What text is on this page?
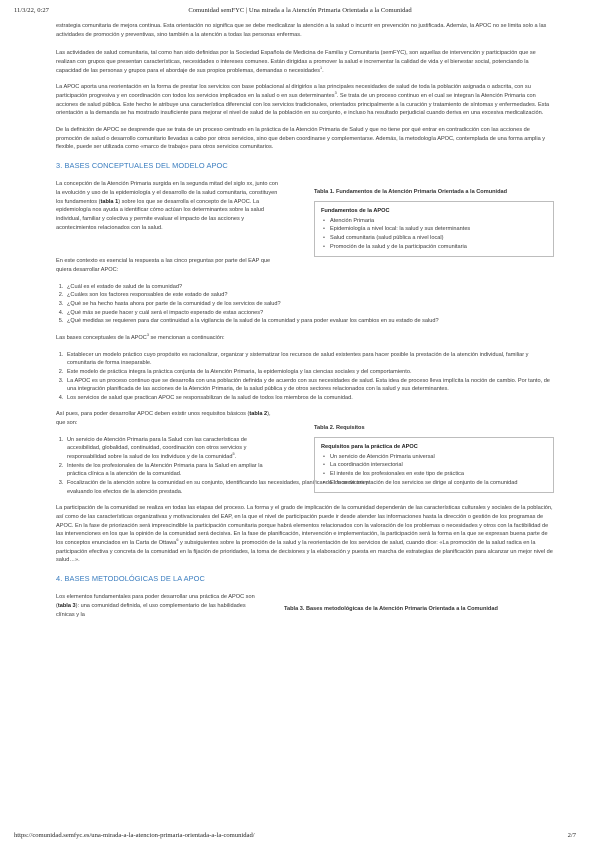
11/3/22, 0:27	Comunidad semFYC | Una mirada a la Atención Primaria Orientada a la Comunidad

estrategia comunitaria de mejora continua. Esta orientación no significa que se debe medicalizar la atención a la salud o incurrir en prevención no justificada. Además, la APOC no se limita solo a las actividades de promoción y preventivas, sino también a la atención a todas las personas enfermas.

Las actividades de salud comunitaria, tal como han sido definidas por la Sociedad Española de Medicina de Familia y Comunitaria (semFYC), son aquellas de intervención y participación que se realizan con grupos que presentan características, necesidades o intereses comunes. Están dirigidas a promover la salud e incrementar la calidad de vida y el bienestar social, potenciando la capacidad de las personas y grupos para el abordaje de sus propios problemas, demandas o necesidades$^1$.

La APOC aporta una reorientación en la forma de prestar los servicios con base poblacional al dirigirlos a las principales necesidades de salud de toda la población asignada o adscrita, con su participación progresiva y en coordinación con todos los servicios implicados en la salud o en sus determinantes$^3$. Se trata de un proceso continuo en el cual se integran la Atención Primaria con acciones de salud pública. Este hecho le atribuye una característica diferencial con los servicios tradicionales, orientados principalmente a la curación y tratamiento de síntomas y enfermedades. Esta orientación a la demanda se ha mostrado insuficiente para mejorar el nivel de salud de la población en su conjunto, e incluso ha resultado perjudicial cuando deriva en una excesiva medicalización.

De la definición de APOC se desprende que se trata de un proceso centrado en la práctica de la Atención Primaria de Salud y que no tiene por qué entrar en contradicción con las acciones de promoción de salud o desarrollo comunitario llevadas a cabo por otros servicios, sino que deben coordinarse y complementarse. Además, la metodología APOC, contemplada de una forma amplia y flexible, puede ser utilizada como «marco de trabajo» para otros servicios comunitarios.

3. BASES CONCEPTUALES DEL MODELO APOC

La concepción de la Atención Primaria surgida en la segunda mitad del siglo xx, junto con la evolución y uso de la epidemiología y el desarrollo de la salud comunitaria, constituyen los fundamentos (tabla 1) sobre los que se desarrolla el concepto de la APOC. La epidemiología nos ayuda a identificar cómo actúan los determinantes sobre la salud individual, familiar y colectiva y permite evaluar el impacto de las acciones y acontecimientos relacionados con la salud.

Tabla 1. Fundamentos de la Atención Primaria Orientada a la Comunidad
Fundamentos de la APOC
• Atención Primaria
• Epidemiología a nivel local: la salud y sus determinantes
• Salud comunitaria (salud pública a nivel local)
• Promoción de la salud y de la participación comunitaria

En este contexto es esencial la respuesta a las cinco preguntas por parte del EAP que quiera desarrollar APOC:

1. ¿Cuál es el estado de salud de la comunidad?
2. ¿Cuáles son los factores responsables de este estado de salud?
3. ¿Qué se ha hecho hasta ahora por parte de la comunidad y de los servicios de salud?
4. ¿Qué más se puede hacer y cuál será el impacto esperado de estas acciones?
5. ¿Qué medidas se requieren para dar continuidad a la vigilancia de la salud de la comunidad y para poder evaluar los cambios en su estado de salud?

Las bases conceptuales de la APOC$^3$ se mencionan a continuación:

1. Establecer un modelo práctico cuyo propósito es racionalizar, organizar y sistematizar los recursos de salud existentes para hacer posible la prestación de la atención individual, familiar y comunitaria de forma inseparable.
2. Este modelo de práctica integra la práctica conjunta de la Atención Primaria, la epidemiología y las ciencias sociales y del comportamiento.
3. La APOC es un proceso continuo que se desarrolla con una población definida y de acuerdo con sus necesidades de salud. Esta idea de proceso lleva implícita la noción de cambio. Por tanto, de una integración planificada de las acciones de la Atención Primaria, de la salud pública y de otros sectores relacionados con la salud y sus determinantes.
4. Los servicios de salud que practican APOC se responsabilizan de la salud de todos los miembros de la comunidad.

Así pues, para poder desarrollar APOC deben existir unos requisitos básicos (tabla 2), que son:

1. Un servicio de Atención Primaria para la Salud con las características de accesibilidad, globalidad, continuidad, coordinación con otros servicios y responsabilidad sobre la salud de los individuos y de la comunidad$^5$.
2. Interés de los profesionales de la Atención Primaria para la Salud en ampliar la práctica clínica a la atención de la comunidad.
3. Focalización de la atención sobre la comunidad en su conjunto, identificando las necesidades, planificando los servicios y evaluando los efectos de la atención prestada.
Tabla 2. Requisitos
Requisitos para la práctica de APOC
• Un servicio de Atención Primaria universal
• La coordinación intersectorial
• El interés de los profesionales en este tipo de práctica
• El foco de orientación de los servicios se dirige al conjunto de la comunidad

La participación de la comunidad se realiza en todas las etapas del proceso. La forma y el grado de implicación de la comunidad dependerán de las características culturales y sociales de la población, así como de las características organizativas y motivacionales del EAP, en la que el nivel de participación puede ir desde atender las informaciones hasta la dirección o gestión de los programas de APOC. En la fase de priorización será imprescindible la participación comunitaria porque habrá elementos relacionados con la valoración de los problemas o necesidades y otros con la factibilidad de las intervenciones en los que la opinión de la comunidad será decisiva. En la fase de planificación, intervención e implementación, la participación será la forma en la que se expresan buena parte de los conceptos enunciados en la Carta de Ottawa$^6$ y subsiguientes sobre la promoción de la salud y la reorientación de los servicios de salud, cuando dice: «La promoción de la salud radica en la participación efectiva y concreta de la comunidad en la fijación de prioridades, la toma de decisiones y la elaboración y puesta en marcha de estrategias de planificación para alcanzar un mejor nivel de salud…».

4. BASES METODOLÓGICAS DE LA APOC

Los elementos fundamentales para poder desarrollar una práctica de APOC son (tabla 3): una comunidad definida, el uso complementario de las habilidades clínicas y la

Tabla 3. Bases metodológicas de la Atención Primaria Orientada a la Comunidad
https://comunidad.semfyc.es/una-mirada-a-la-atencion-primaria-orientada-a-la-comunidad/	2/7
